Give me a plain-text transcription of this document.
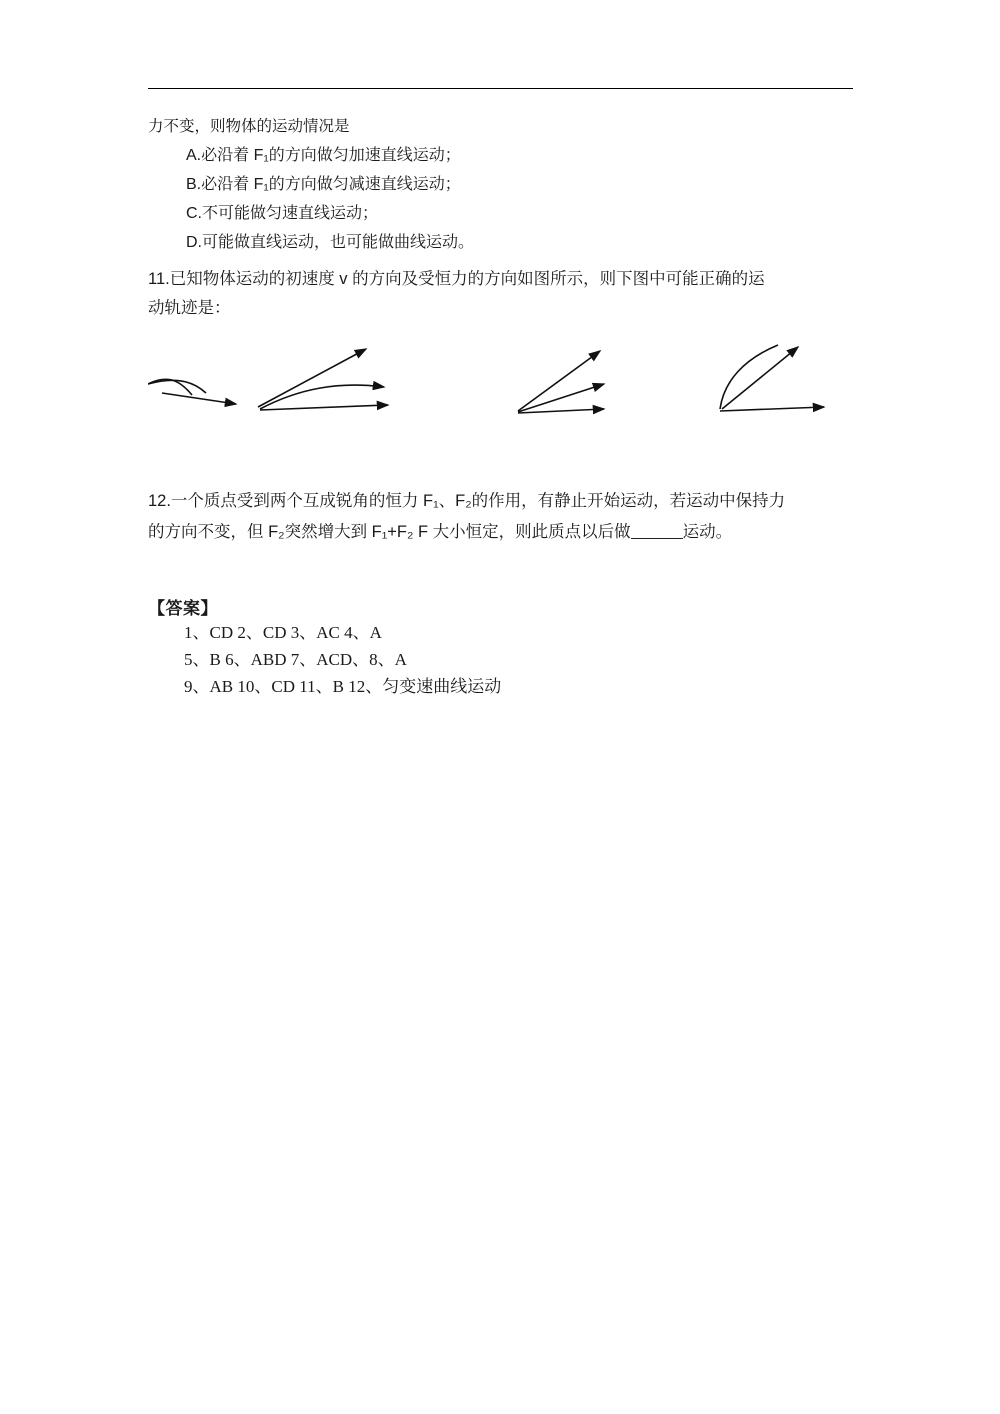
力不变，则物体的运动情况是
A.必沿着 F₁的方向做匀加速直线运动；
B.必沿着 F₁的方向做匀减速直线运动；
C.不可能做匀速直线运动；
D.可能做直线运动，也可能做曲线运动。
11.已知物体运动的初速度 v 的方向及受恒力的方向如图所示，则下图中可能正确的运
动轨迹是：
12.一个质点受到两个互成锐角的恒力 F₁、F₂的作用，有静止开始运动，若运动中保持力
的方向不变，但 F₂突然增大到 F₁+F₂ F 大小恒定，则此质点以后做	运动。
【答案】
1、CD 2、CD 3、AC 4、A
5、B 6、ABD 7、ACD、8、A
9、AB 10、CD 11、B 12、匀变速曲线运动
